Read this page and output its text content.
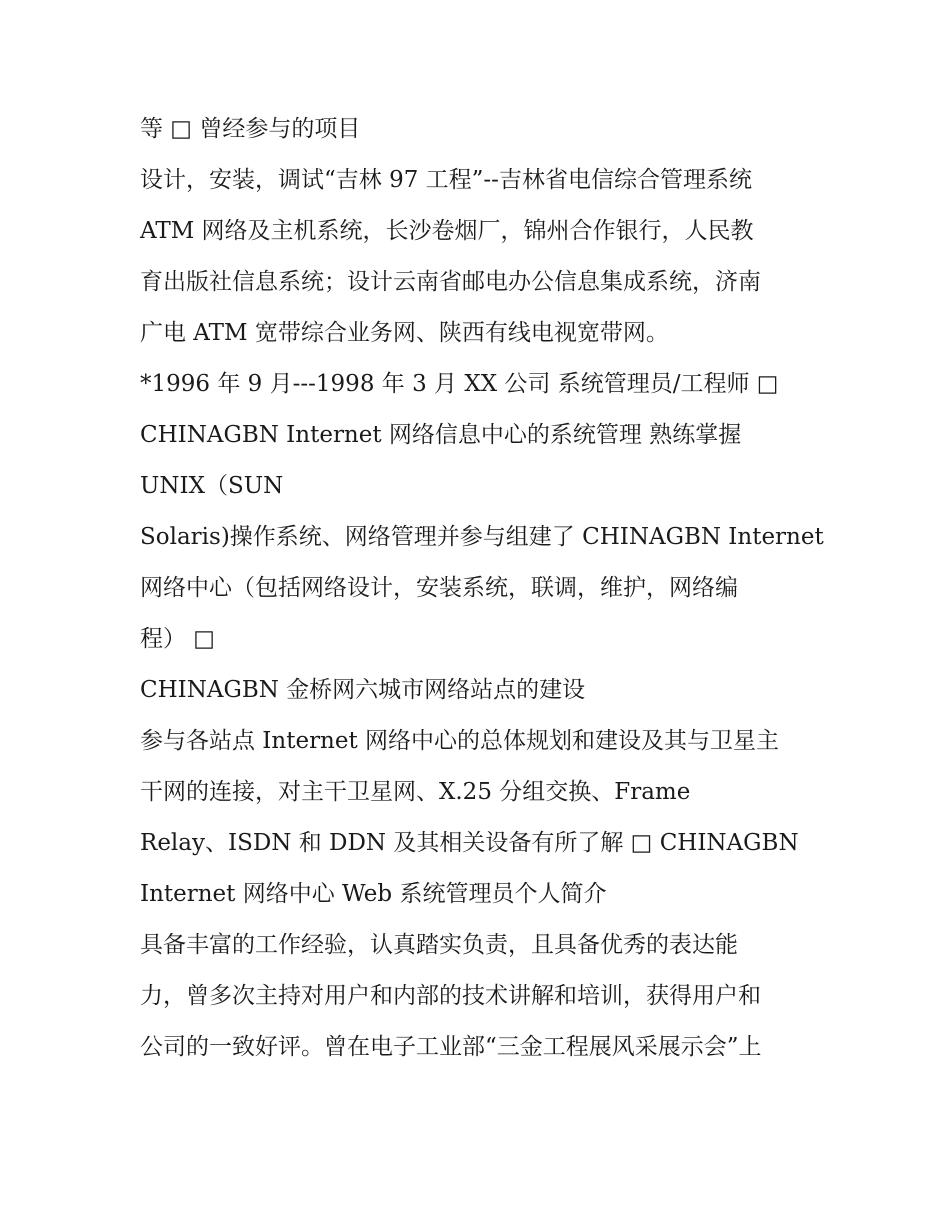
等 □ 曾经参与的项目
设计，安装，调试“吉林 97 工程”--吉林省电信综合管理系统
ATM 网络及主机系统，长沙卷烟厂，锦州合作银行，人民教
育出版社信息系统；设计云南省邮电办公信息集成系统，济南
广电 ATM 宽带综合业务网、陕西有线电视宽带网。
*1996 年 9 月---1998 年 3 月 XX 公司 系统管理员/工程师 □
CHINAGBN Internet 网络信息中心的系统管理 熟练掌握
UNIX（SUN
Solaris)操作系统、网络管理并参与组建了 CHINAGBN Internet
网络中心（包括网络设计，安装系统，联调，维护，网络编
程） □
CHINAGBN 金桥网六城市网络站点的建设
参与各站点 Internet 网络中心的总体规划和建设及其与卫星主
干网的连接，对主干卫星网、X.25 分组交换、Frame
Relay、ISDN 和 DDN 及其相关设备有所了解 □ CHINAGBN
Internet 网络中心 Web 系统管理员个人简介
具备丰富的工作经验，认真踏实负责，且具备优秀的表达能
力，曾多次主持对用户和内部的技术讲解和培训，获得用户和
公司的一致好评。曾在电子工业部“三金工程展风采展示会”上
